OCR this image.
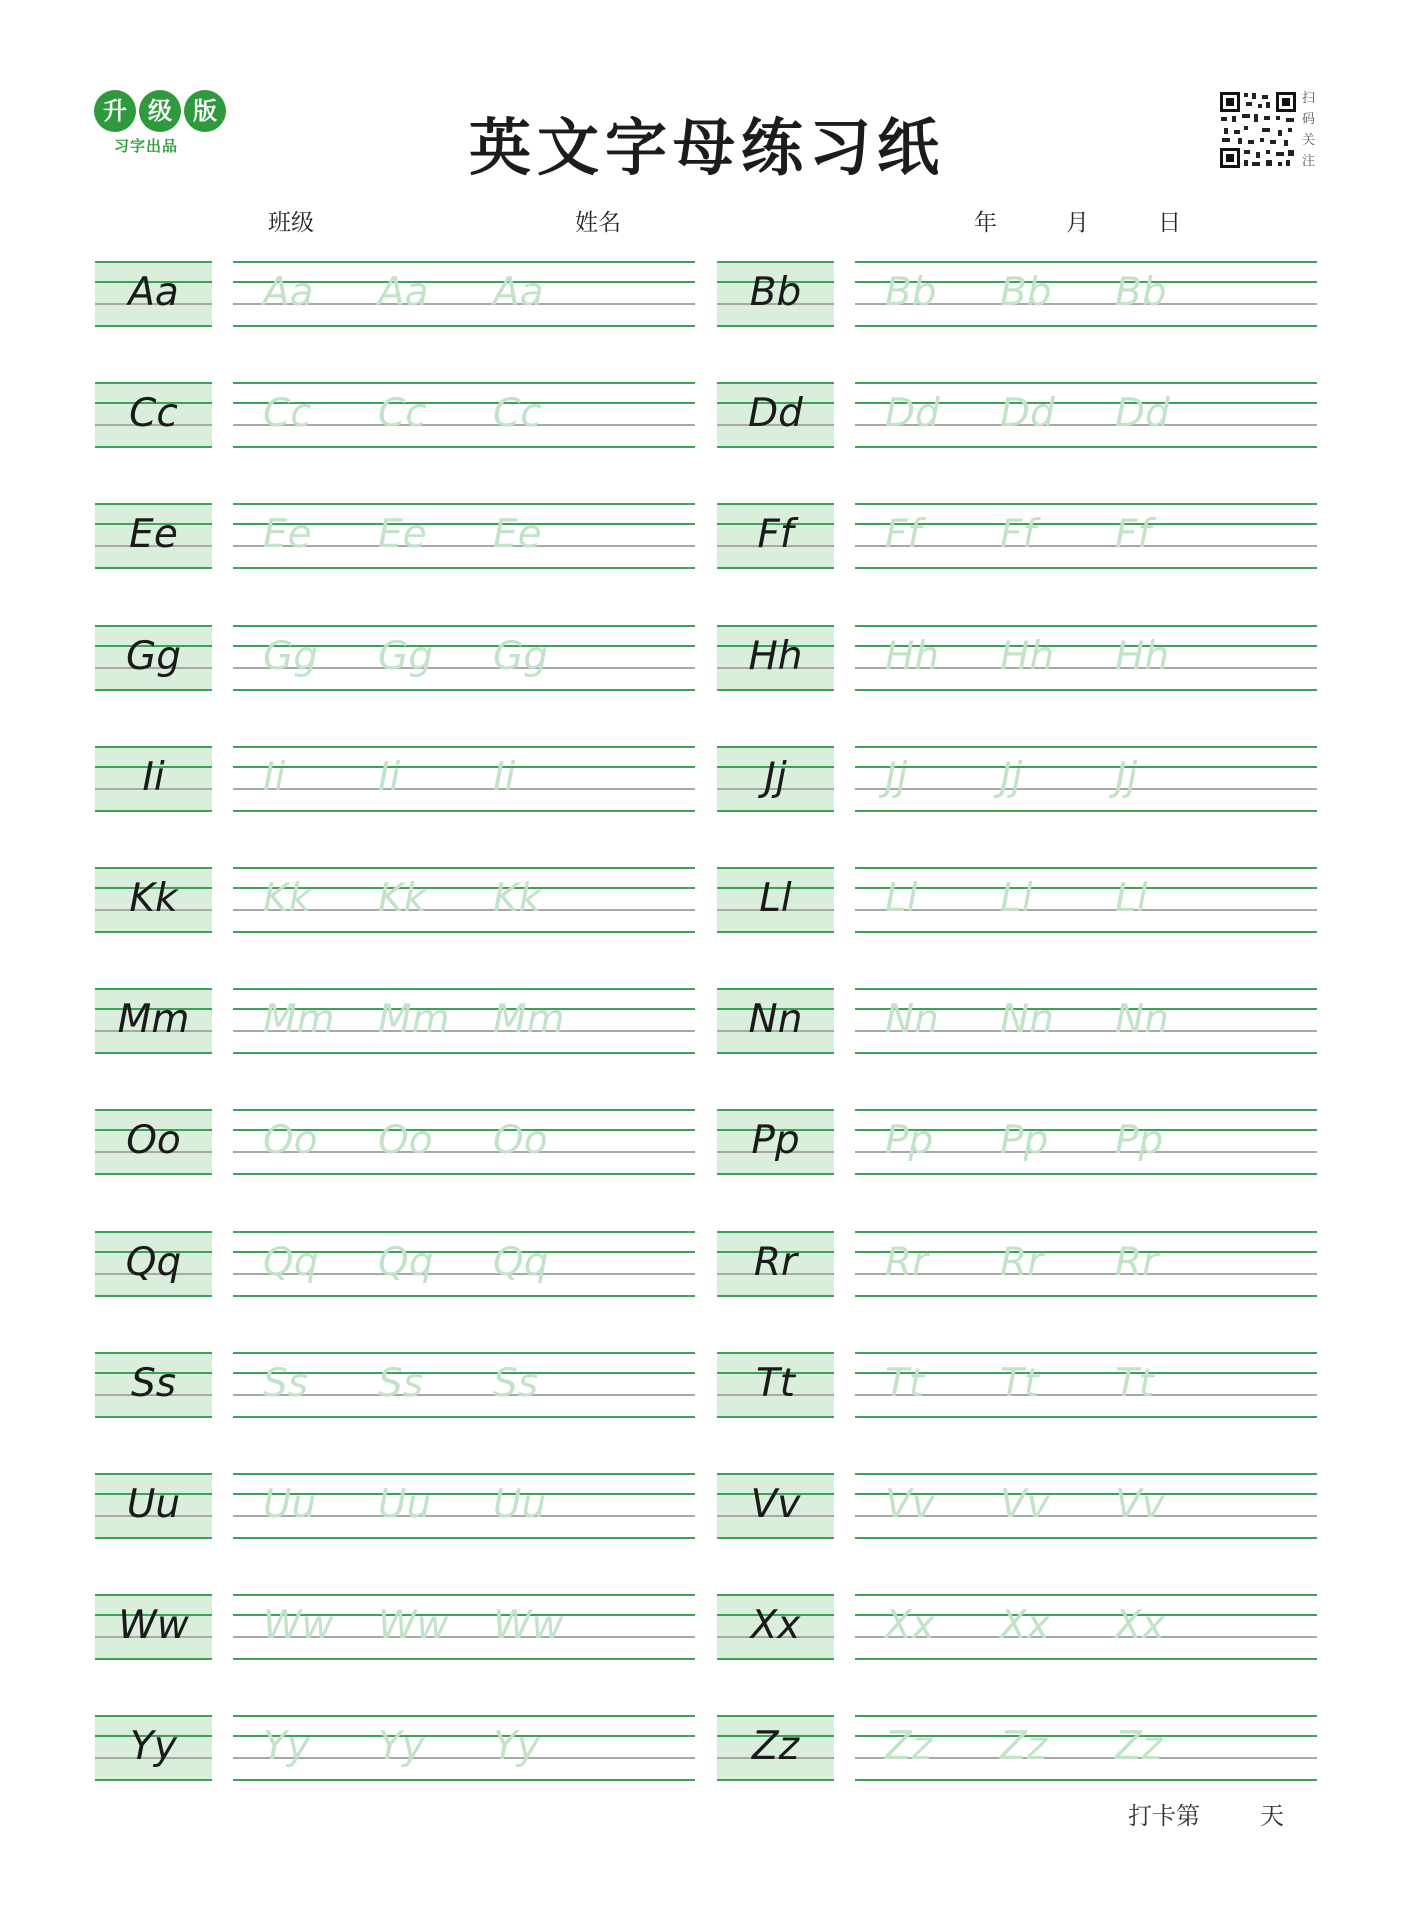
升 级 版
习字出品	英文字母练习纸
扫
码
关
注
班级	姓名	年	月	日
Aa	Aa Aa Aa	Bb	Bb Bb Bb
Cc	Cc Cc Cc	Dd	Dd Dd Dd
Ee	Ee Ee Ee	Ff	Ff Ff Ff
Gg	Gg Gg Gg	Hh	Hh Hh Hh
Ii	Ii Ii Ii	Jj	Jj Jj Jj
Kk	Kk Kk Kk	Ll	Ll Ll Ll
Mm	Mm Mm Mm	Nn	Nn Nn Nn
Oo	Oo Oo Oo	Pp	Pp Pp Pp
Qq	Qq Qq Qq	Rr	Rr Rr Rr
Ss	Ss Ss Ss	Tt	Tt Tt Tt
Uu	Uu Uu Uu	Vv	Vv Vv Vv
Ww	Ww Ww Ww	Xx	Xx Xx Xx
Yy	Yy Yy Yy	Zz	Zz Zz Zz
打卡第	天
